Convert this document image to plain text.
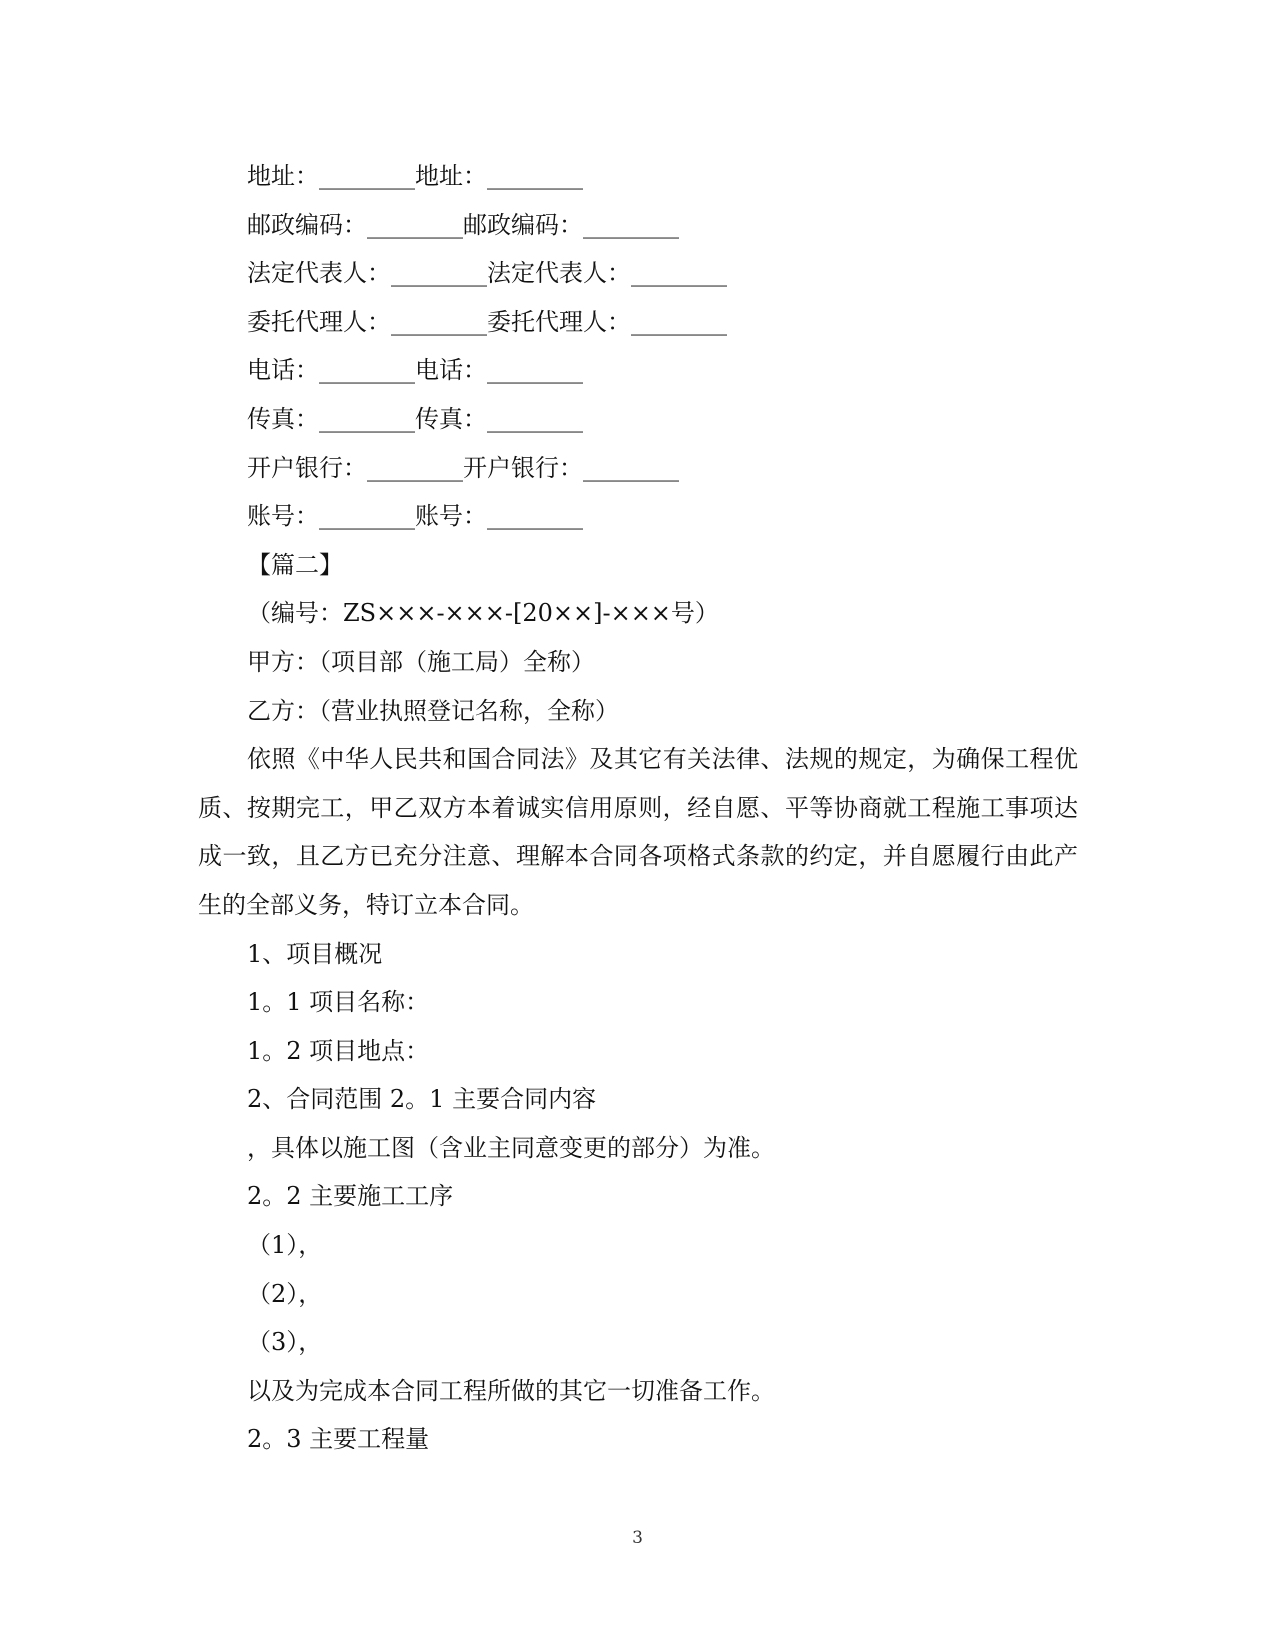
地址：________地址：________
邮政编码：________邮政编码：________
法定代表人：________法定代表人：________
委托代理人：________委托代理人：________
电话：________电话：________
传真：________传真：________
开户银行：________开户银行：________
账号：________账号：________
【篇二】
（编号：ZS×××-×××-[20××]-×××号）
甲方：（项目部（施工局）全称）
乙方：（营业执照登记名称，全称）

依照《中华人民共和国合同法》及其它有关法律、法规的规定，为确保工程优质、按期完工，甲乙双方本着诚实信用原则，经自愿、平等协商就工程施工事项达成一致，且乙方已充分注意、理解本合同各项格式条款的约定，并自愿履行由此产生的全部义务，特订立本合同。

1、项目概况
1。1 项目名称：
1。2 项目地点：
2、合同范围 2。1 主要合同内容
，具体以施工图（含业主同意变更的部分）为准。
2。2 主要施工工序
（1），
（2），
（3），
以及为完成本合同工程所做的其它一切准备工作。
2。3 主要工程量
3
